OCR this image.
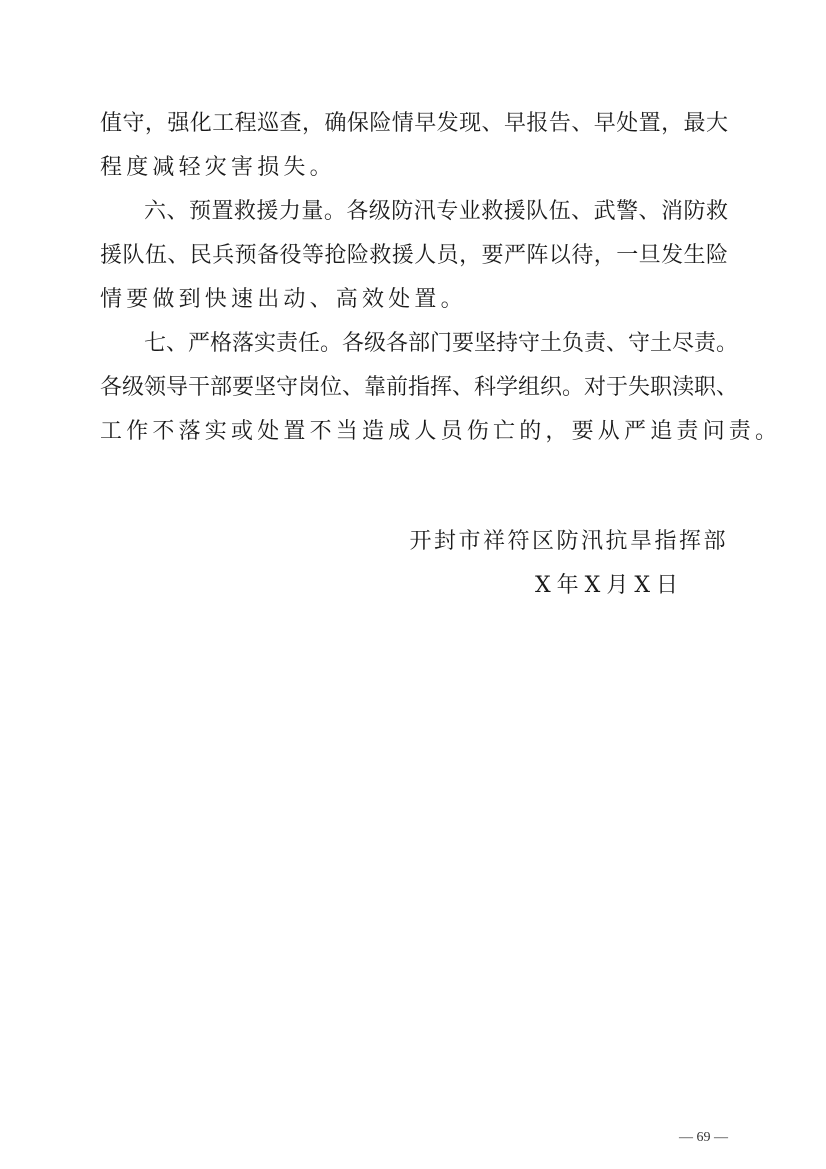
值守，强化工程巡查，确保险情早发现、早报告、早处置，最大
程度减轻灾害损失。
六、预置救援力量。各级防汛专业救援队伍、武警、消防救
援队伍、民兵预备役等抢险救援人员，要严阵以待，一旦发生险
情要做到快速出动、高效处置。
七、严格落实责任。各级各部门要坚持守土负责、守土尽责。
各级领导干部要坚守岗位、靠前指挥、科学组织。对于失职渎职、
工作不落实或处置不当造成人员伤亡的，要从严追责问责。
开封市祥符区防汛抗旱指挥部
X年X月X日
— 69 —
